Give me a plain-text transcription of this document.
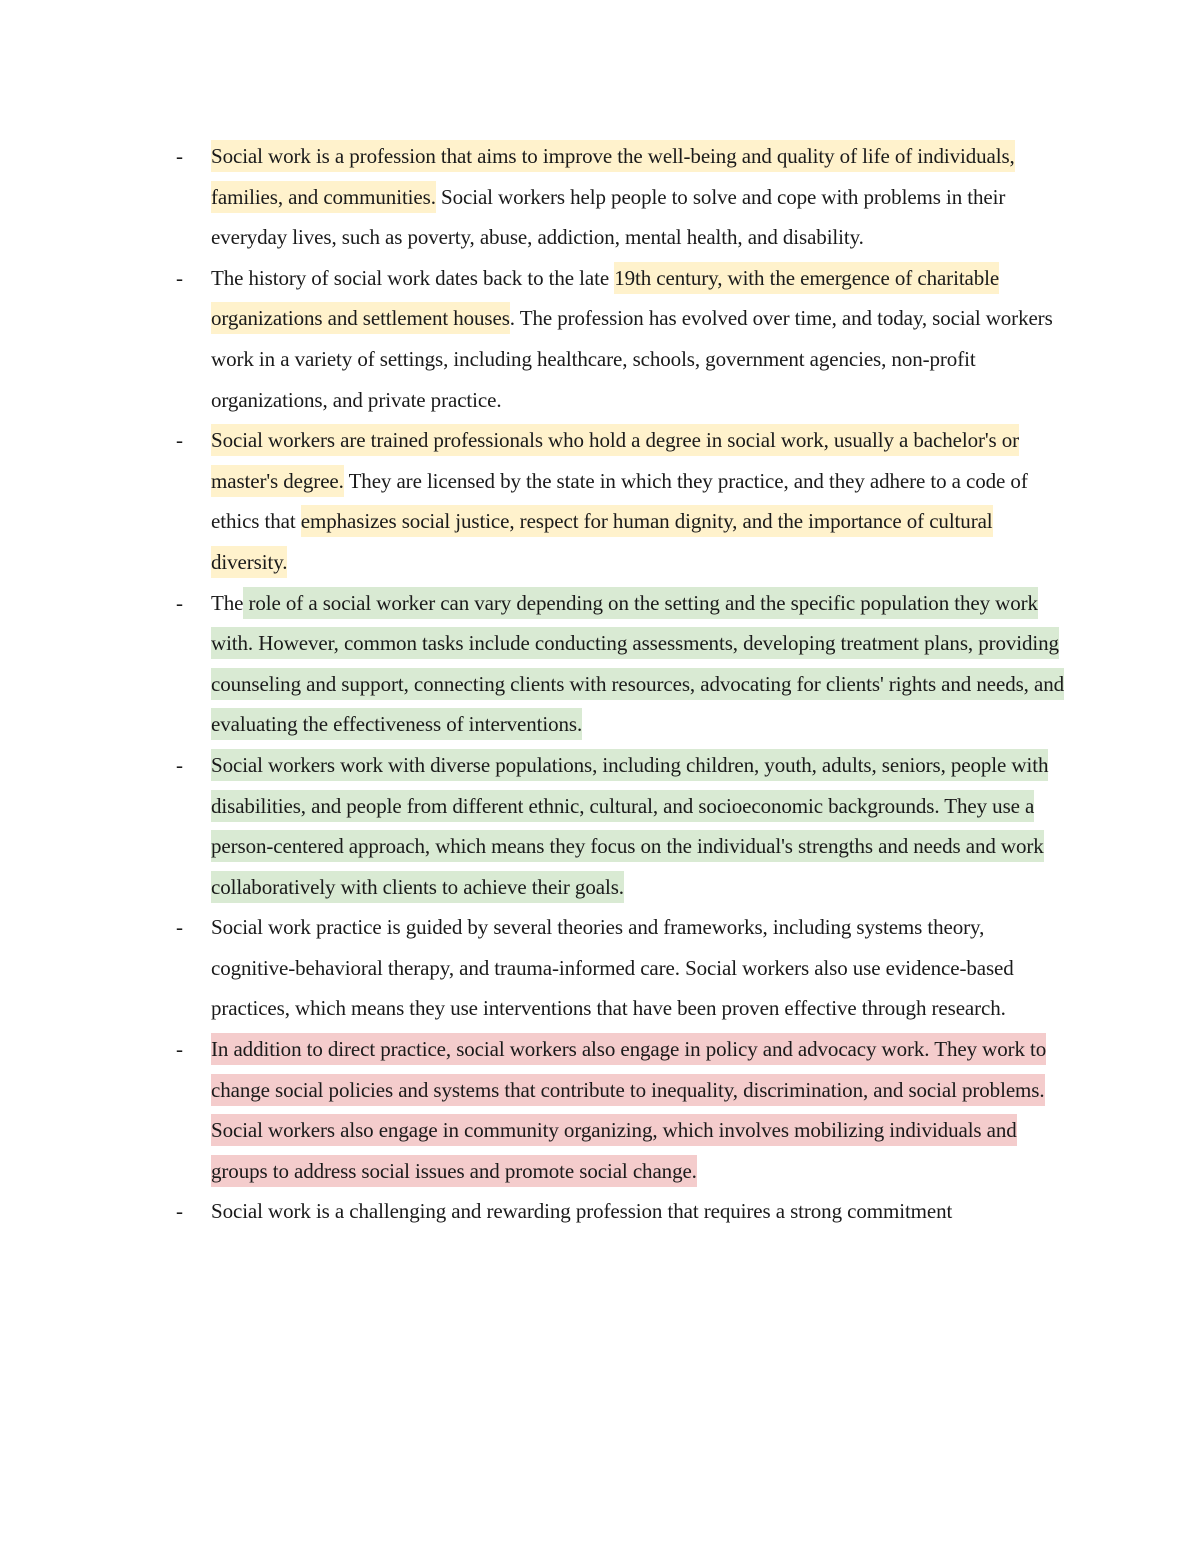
- Social work is a profession that aims to improve the well-being and quality of life of individuals, families, and communities. Social workers help people to solve and cope with problems in their everyday lives, such as poverty, abuse, addiction, mental health, and disability.
- The history of social work dates back to the late 19th century, with the emergence of charitable organizations and settlement houses. The profession has evolved over time, and today, social workers work in a variety of settings, including healthcare, schools, government agencies, non-profit organizations, and private practice.
- Social workers are trained professionals who hold a degree in social work, usually a bachelor's or master's degree. They are licensed by the state in which they practice, and they adhere to a code of ethics that emphasizes social justice, respect for human dignity, and the importance of cultural diversity.
- The role of a social worker can vary depending on the setting and the specific population they work with. However, common tasks include conducting assessments, developing treatment plans, providing counseling and support, connecting clients with resources, advocating for clients' rights and needs, and evaluating the effectiveness of interventions.
- Social workers work with diverse populations, including children, youth, adults, seniors, people with disabilities, and people from different ethnic, cultural, and socioeconomic backgrounds. They use a person-centered approach, which means they focus on the individual's strengths and needs and work collaboratively with clients to achieve their goals.
- Social work practice is guided by several theories and frameworks, including systems theory, cognitive-behavioral therapy, and trauma-informed care. Social workers also use evidence-based practices, which means they use interventions that have been proven effective through research.
- In addition to direct practice, social workers also engage in policy and advocacy work. They work to change social policies and systems that contribute to inequality, discrimination, and social problems. Social workers also engage in community organizing, which involves mobilizing individuals and groups to address social issues and promote social change.
- Social work is a challenging and rewarding profession that requires a strong commitment
